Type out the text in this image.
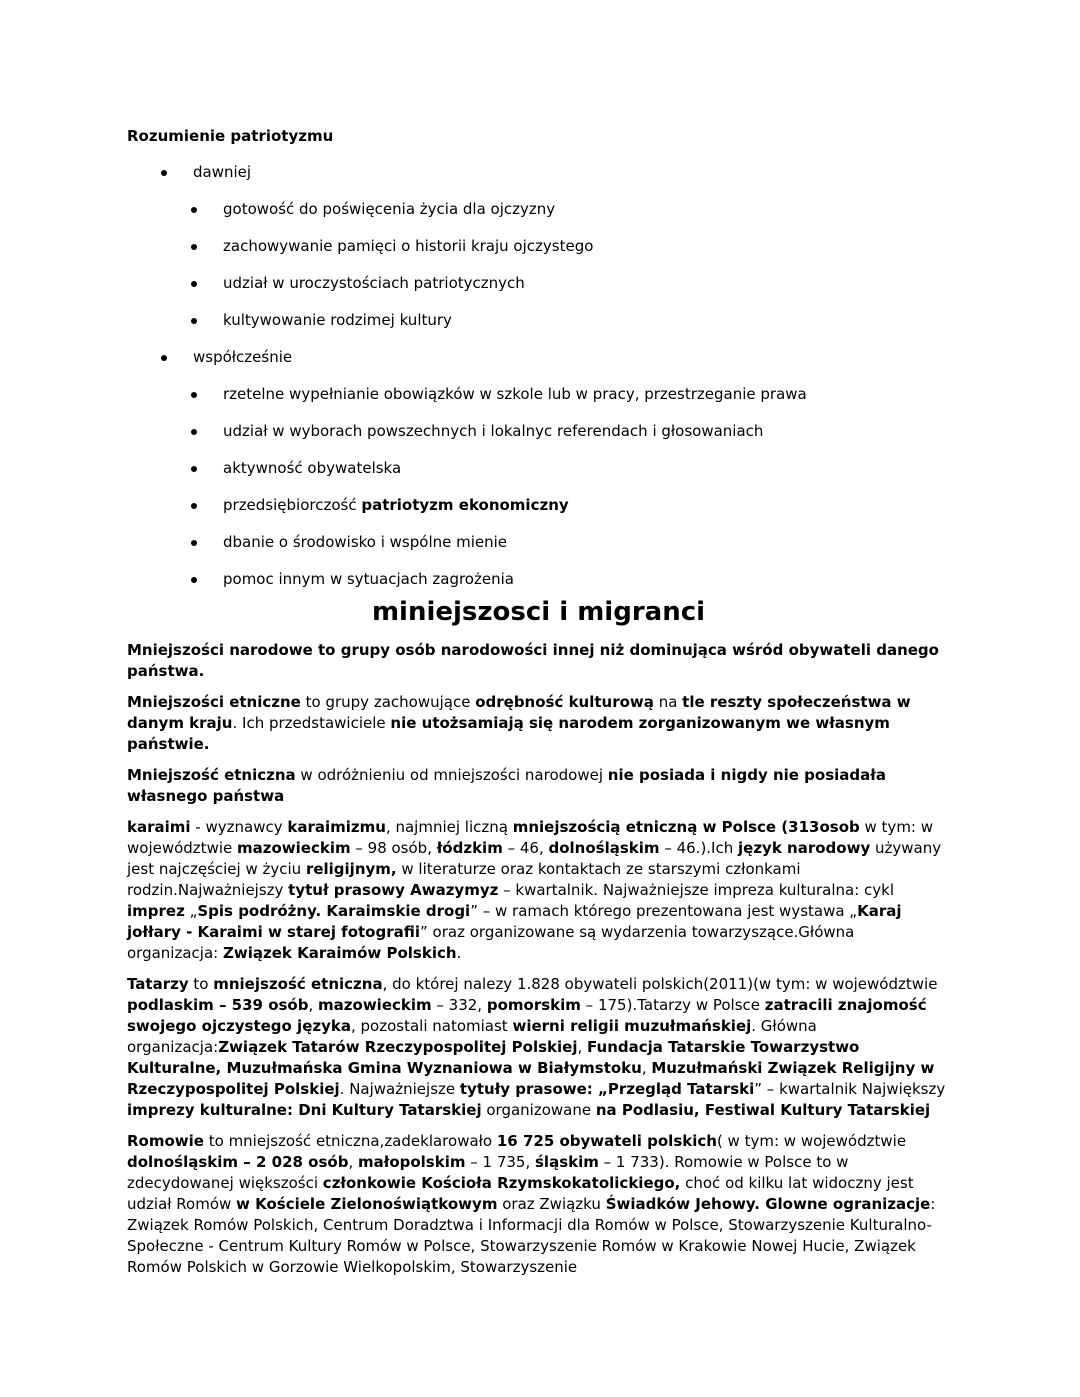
Rozumienie patriotyzmu

dawniej
gotowość do poświęcenia życia dla ojczyzny
zachowywanie pamięci o historii kraju ojczystego
udział w uroczystościach patriotycznych
kultywowanie rodzimej kultury
współcześnie
rzetelne wypełnianie obowiązków w szkole lub w pracy, przestrzeganie prawa
udział w wyborach powszechnych i lokalnyc referendach i głosowaniach
aktywność obywatelska
przedsiębiorczość patriotyzm ekonomiczny
dbanie o środowisko i wspólne mienie
pomoc innym w sytuacjach zagrożenia
miniejszosci i migranci

Mniejszości narodowe to grupy osób narodowości innej niż dominująca wśród obywateli danego państwa.

Mniejszości etniczne to grupy zachowujące odrębność kulturową na tle reszty społeczeństwa w danym kraju. Ich przedstawiciele nie utożsamiają się narodem zorganizowanym we własnym państwie.

Mniejszość etniczna w odróżnieniu od mniejszości narodowej nie posiada i nigdy nie posiadała własnego państwa

karaimi - wyznawcy karaimizmu, najmniej liczną mniejszością etniczną w Polsce (313osob w tym: w województwie mazowieckim – 98 osób, łódzkim – 46, dolnośląskim – 46.).Ich język narodowy używany jest najczęściej w życiu religijnym, w literaturze oraz kontaktach ze starszymi członkami rodzin.Najważniejszy tytuł prasowy Awazymyz – kwartalnik. Najważniejsze impreza kulturalna: cykl imprez „Spis podróżny. Karaimskie drogi” – w ramach którego prezentowana jest wystawa „Karaj jołłary - Karaimi w starej fotografii” oraz organizowane są wydarzenia towarzyszące.Główna organizacja: Związek Karaimów Polskich.

Tatarzy to mniejszość etniczna, do której nalezy 1.828 obywateli polskich(2011)(w tym: w województwie podlaskim – 539 osób, mazowieckim – 332, pomorskim – 175).Tatarzy w Polsce zatracili znajomość swojego ojczystego języka, pozostali natomiast wierni religii muzułmańskiej. Główna organizacja:Związek Tatarów Rzeczypospolitej Polskiej, Fundacja Tatarskie Towarzystwo Kulturalne, Muzułmańska Gmina Wyznaniowa w Białymstoku, Muzułmański Związek Religijny w Rzeczypospolitej Polskiej. Najważniejsze tytuły prasowe: „Przegląd Tatarski” – kwartalnik Największy imprezy kulturalne: Dni Kultury Tatarskiej organizowane na Podlasiu, Festiwal Kultury Tatarskiej

Romowie to mniejszość etniczna,zadeklarowało 16 725 obywateli polskich( w tym: w województwie dolnośląskim – 2 028 osób, małopolskim – 1 735, śląskim – 1 733). Romowie w Polsce to w zdecydowanej większości członkowie Kościoła Rzymskokatolickiego, choć od kilku lat widoczny jest udział Romów w Kościele Zielonoświątkowym oraz Związku Świadków Jehowy. Glowne ogranizacje: Związek Romów Polskich, Centrum Doradztwa i Informacji dla Romów w Polsce, Stowarzyszenie Kulturalno-Społeczne - Centrum Kultury Romów w Polsce, Stowarzyszenie Romów w Krakowie Nowej Hucie, Związek Romów Polskich w Gorzowie Wielkopolskim, Stowarzyszenie
